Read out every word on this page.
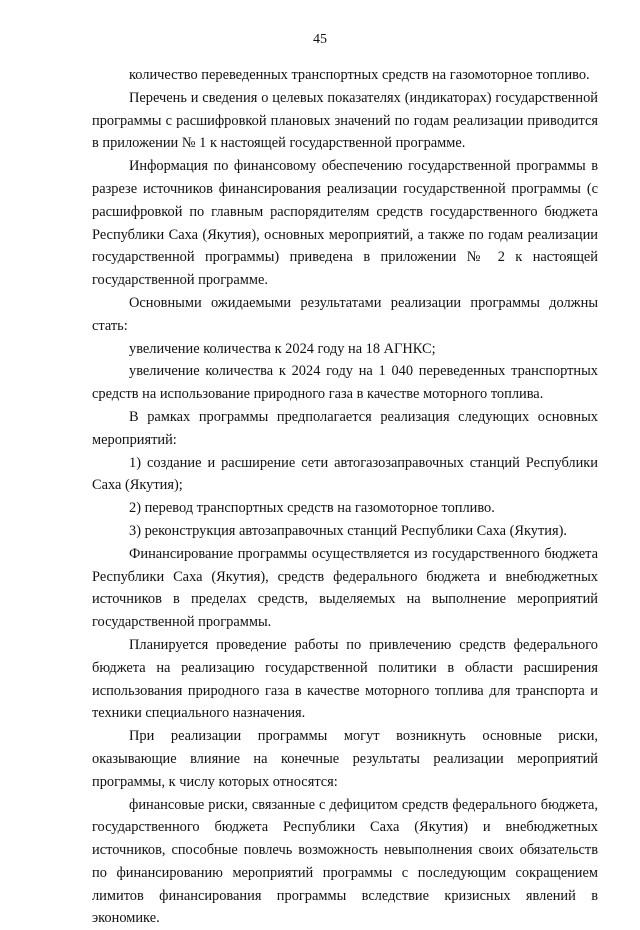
45

количество переведенных транспортных средств на газомоторное топливо.

Перечень и сведения о целевых показателях (индикаторах) государственной программы с расшифровкой плановых значений по годам реализации приводится в приложении № 1 к настоящей государственной программе.

Информация по финансовому обеспечению государственной программы в разрезе источников финансирования реализации государственной программы (с расшифровкой по главным распорядителям средств государственного бюджета Республики Саха (Якутия), основных мероприятий, а также по годам реализации государственной программы) приведена в приложении № 2 к настоящей государственной программе.

Основными ожидаемыми результатами реализации программы должны стать:

увеличение количества к 2024 году на 18 АГНКС;

увеличение количества к 2024 году на 1 040 переведенных транспортных средств на использование природного газа в качестве моторного топлива.

В рамках программы предполагается реализация следующих основных мероприятий:

1) создание и расширение сети автогазозаправочных станций Республики Саха (Якутия);

2) перевод транспортных средств на газомоторное топливо.

3) реконструкция автозаправочных станций Республики Саха (Якутия).

Финансирование программы осуществляется из государственного бюджета Республики Саха (Якутия), средств федерального бюджета и внебюджетных источников в пределах средств, выделяемых на выполнение мероприятий государственной программы.

Планируется проведение работы по привлечению средств федерального бюджета на реализацию государственной политики в области расширения использования природного газа в качестве моторного топлива для транспорта и техники специального назначения.

При реализации программы могут возникнуть основные риски, оказывающие влияние на конечные результаты реализации мероприятий программы, к числу которых относятся:

финансовые риски, связанные с дефицитом средств федерального бюджета, государственного бюджета Республики Саха (Якутия) и внебюджетных источников, способные повлечь возможность невыполнения своих обязательств по финансированию мероприятий программы с последующим сокращением лимитов финансирования программы вследствие кризисных явлений в экономике.
